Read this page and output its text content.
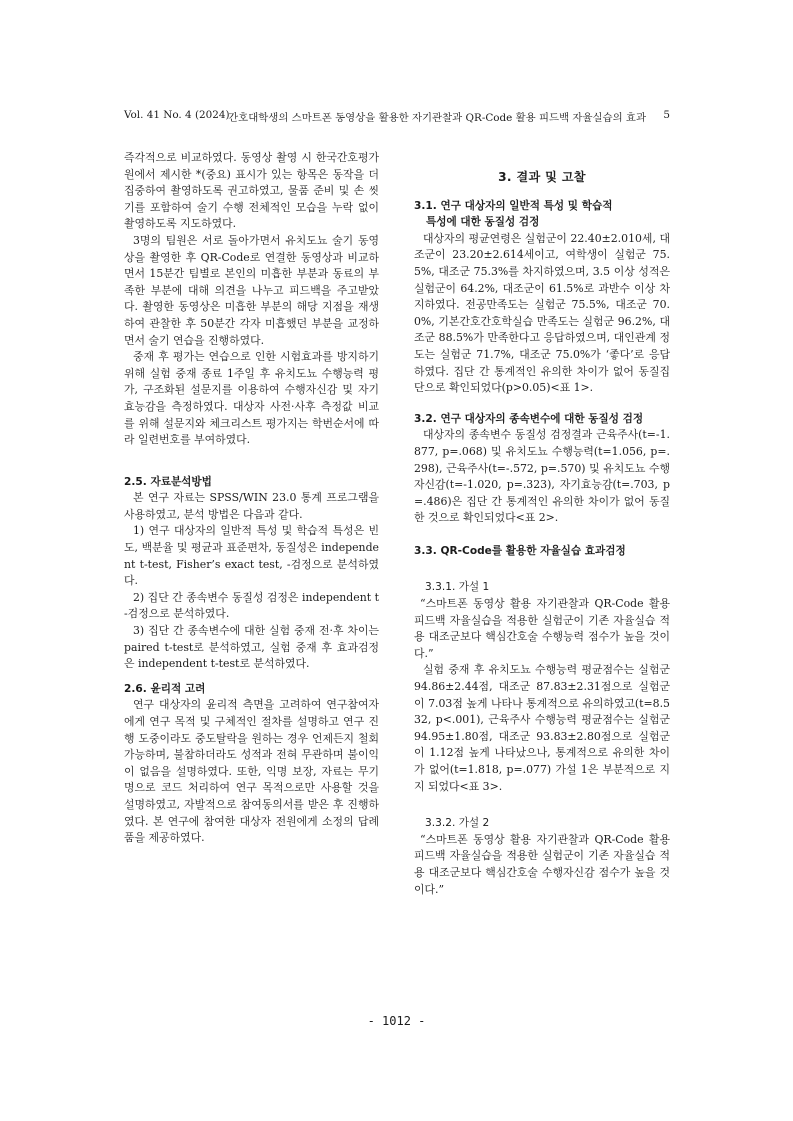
Vol. 41 No. 4 (2024)
간호대학생의 스마트폰 동영상을 활용한 자기관찰과 QR-Code 활용 피드백 자율실습의 효과 5

즉각적으로 비교하였다. 동영상 촬영 시 한국간호평가원에서 제시한 *(중요) 표시가 있는 항목은 동작을 더 집중하여 촬영하도록 권고하였고, 물품 준비 및 손 씻기를 포함하여 술기 수행 전체적인 모습을 누락 없이 촬영하도록 지도하였다.

3명의 팀원은 서로 돌아가면서 유치도뇨 술기 동영상을 촬영한 후 QR-Code로 연결한 동영상과 비교하면서 15분간 팀별로 본인의 미흡한 부분과 동료의 부족한 부분에 대해 의견을 나누고 피드백을 주고받았다. 촬영한 동영상은 미흡한 부분의 해당 지점을 재생하여 관찰한 후 50분간 각자 미흡했던 부분을 교정하면서 술기 연습을 진행하였다.

중재 후 평가는 연습으로 인한 시험효과를 방지하기 위해 실험 중재 종료 1주일 후 유치도뇨 수행능력 평가, 구조화된 설문지를 이용하여 수행자신감 및 자기효능감을 측정하였다. 대상자 사전·사후 측정값 비교를 위해 설문지와 체크리스트 평가지는 학번순서에 따라 일련번호를 부여하였다.

2.5. 자료분석방법

본 연구 자료는 SPSS/WIN 23.0 통계 프로그램을 사용하였고, 분석 방법은 다음과 같다.

1) 연구 대상자의 일반적 특성 및 학습적 특성은 빈도, 백분율 및 평균과 표준편차, 동질성은 independent t-test, Fisher’s exact test, -검정으로 분석하였다.

2) 집단 간 종속변수 동질성 검정은 independent t-검정으로 분석하였다.

3) 집단 간 종속변수에 대한 실험 중재 전·후 차이는 paired t-test로 분석하였고, 실험 중재 후 효과검정은 independent t-test로 분석하였다.

2.6. 윤리적 고려

연구 대상자의 윤리적 측면을 고려하여 연구참여자에게 연구 목적 및 구체적인 절차를 설명하고 연구 진행 도중이라도 중도탈락을 원하는 경우 언제든지 철회 가능하며, 불참하더라도 성적과 전혀 무관하며 불이익이 없음을 설명하였다. 또한, 익명 보장, 자료는 무기명으로 코드 처리하여 연구 목적으로만 사용할 것을 설명하였고, 자발적으로 참여동의서를 받은 후 진행하였다. 본 연구에 참여한 대상자 전원에게 소정의 답례품을 제공하였다.

3. 결과 및 고찰

3.1. 연구 대상자의 일반적 특성 및 학습적
특성에 대한 동질성 검정

대상자의 평균연령은 실험군이 22.40±2.010세, 대조군이 23.20±2.614세이고, 여학생이 실험군 75.5%, 대조군 75.3%를 차지하였으며, 3.5 이상 성적은 실험군이 64.2%, 대조군이 61.5%로 과반수 이상 차지하였다. 전공만족도는 실험군 75.5%, 대조군 70.0%, 기본간호간호학실습 만족도는 실험군 96.2%, 대조군 88.5%가 만족한다고 응답하였으며, 대인관계 정도는 실험군 71.7%, 대조군 75.0%가 ‘좋다’로 응답하였다. 집단 간 통계적인 유의한 차이가 없어 동질집단으로 확인되었다(p>0.05)<표 1>.

3.2. 연구 대상자의 종속변수에 대한 동질성 검정

대상자의 종속변수 동질성 검정결과 근육주사(t=-1.877, p=.068) 및 유치도뇨 수행능력(t=1.056, p=.298), 근육주사(t=-.572, p=.570) 및 유치도뇨 수행자신감(t=-1.020, p=.323), 자기효능감(t=.703, p=.486)은 집단 간 통계적인 유의한 차이가 없어 동질한 것으로 확인되었다<표 2>.

3.3. QR-Code를 활용한 자율실습 효과검정

3.3.1. 가설 1

“스마트폰 동영상 활용 자기관찰과 QR-Code 활용 피드백 자율실습을 적용한 실험군이 기존 자율실습 적용 대조군보다 핵심간호술 수행능력 점수가 높을 것이다.”

실험 중재 후 유치도뇨 수행능력 평균점수는 실험군 94.86±2.44점, 대조군 87.83±2.31점으로 실험군이 7.03점 높게 나타나 통계적으로 유의하였고(t=8.532, p<.001), 근육주사 수행능력 평균점수는 실험군 94.95±1.80점, 대조군 93.83±2.80점으로 실험군이 1.12점 높게 나타났으나, 통계적으로 유의한 차이가 없어(t=1.818, p=.077) 가설 1은 부분적으로 지지 되었다<표 3>.

3.3.2. 가설 2

“스마트폰 동영상 활용 자기관찰과 QR-Code 활용 피드백 자율실습을 적용한 실험군이 기존 자율실습 적용 대조군보다 핵심간호술 수행자신감 점수가 높을 것이다.”

- 1012 -
